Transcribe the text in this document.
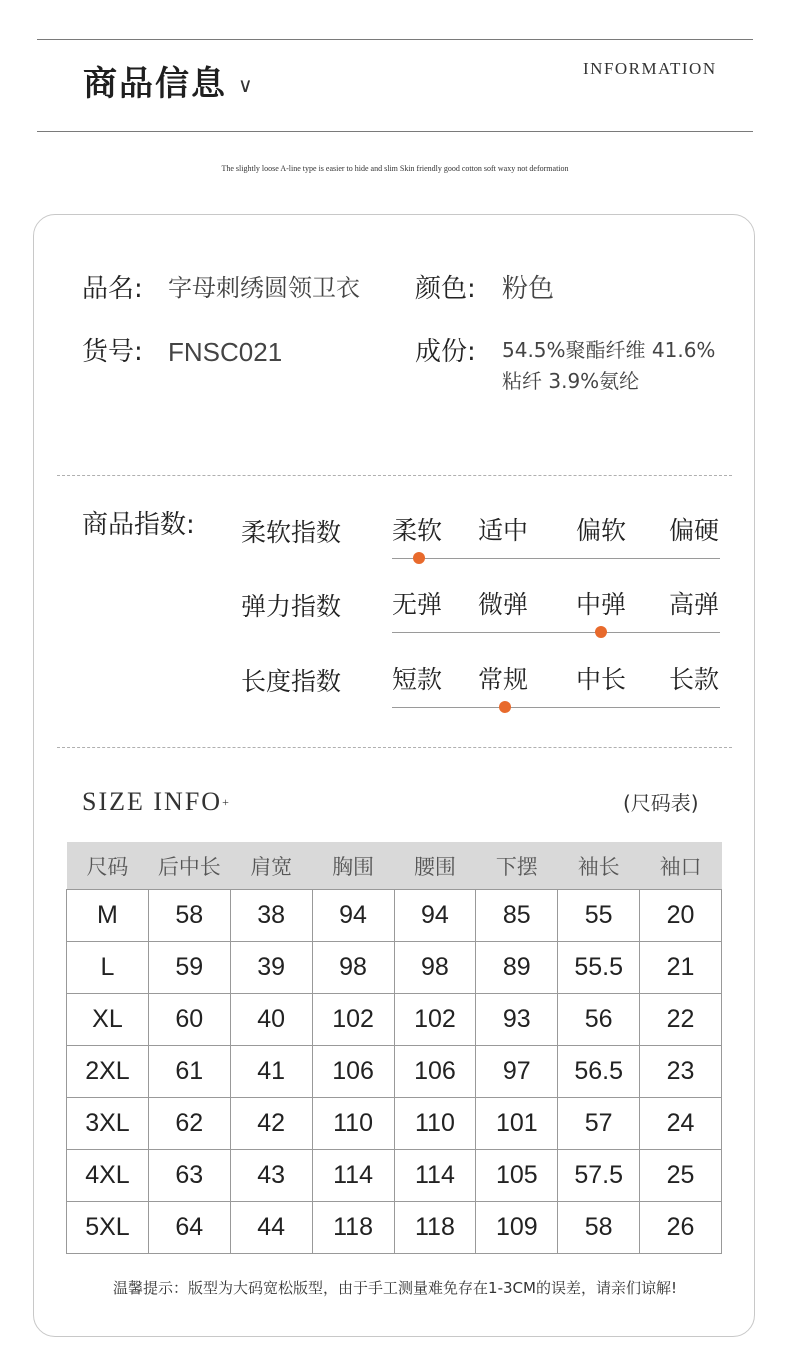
商品信息 ∨
INFORMATION
The slightly loose A-line type is easier to hide and slim Skin friendly good cotton soft waxy not deformation
品名: 字母刺绣圆领卫衣 颜色: 粉色
货号: FNSC021	成份: 54.5%聚酯纤维 41.6%粘纤 3.9%氨纶
商品指数: 柔软指数 柔软 适中 偏软 偏硬
弹力指数 无弹 微弹 中弹 高弹
长度指数 短款 常规 中长 长款
SIZE INFO+	(尺码表)
尺码	后中长	肩宽	胸围	腰围	下摆	袖长	袖口
M	58	38	94	94	85	55	20
L	59	39	98	98	89	55.5	21
XL	60	40	102	102	93	56	22
2XL	61	41	106	106	97	56.5	23
3XL	62	42	110	110	101	57	24
4XL	63	43	114	114	105	57.5	25
5XL	64	44	118	118	109	58	26
温馨提示：版型为大码宽松版型，由于手工测量难免存在1-3CM的误差，请亲们谅解!
